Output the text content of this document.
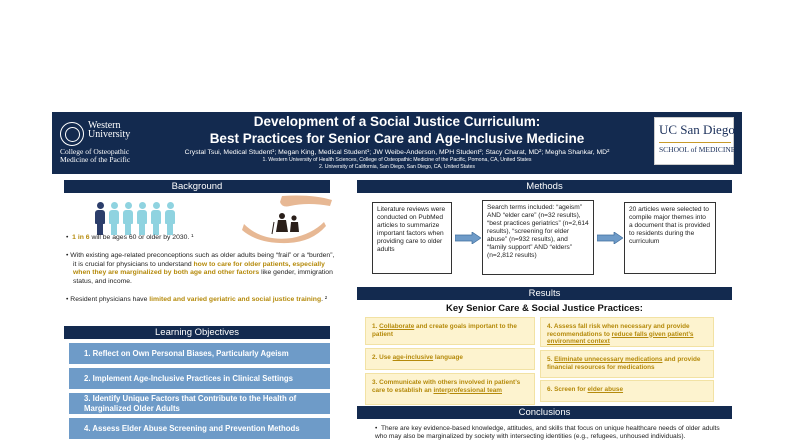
Western
University
College of Osteopathic
Medicine of the Pacific
Development of a Social Justice Curriculum:
Best Practices for Senior Care and Age-Inclusive Medicine
Crystal Tsui, Medical Student¹; Megan King, Medical Student¹; JW Weibe-Anderson, MPH Student²; Stacy Charat, MD²; Megha Shankar, MD²
1. Western University of Health Sciences, College of Osteopathic Medicine of the Pacific, Pomona, CA, United States
2. University of California, San Diego, San Diego, CA, United States
UC San Diego
SCHOOL of MEDICINE
Background
•  1 in 6 will be ages 60 or older by 2030. ¹
• With existing age-related preconceptions such as older adults being “frail” or a “burden”, it is crucial for physicians to understand how to care for older patients, especially when they are marginalized by both age and other factors like gender, immigration status, and income.
• Resident physicians have limited and varied geriatric and social justice training. ²
Learning Objectives
1. Reflect on Own Personal Biases, Particularly Ageism
2. Implement Age-Inclusive Practices in Clinical Settings
3. Identify Unique Factors that Contribute to the Health of
Marginalized Older Adults
4. Assess Elder Abuse Screening and Prevention Methods
Methods
Literature reviews were conducted on PubMed articles to summarize important factors when providing care to older adults
Search terms included: “ageism” AND “elder care” (n=32 results), “best practices geriatrics” (n=2,614 results), “screening for elder abuse” (n=932 results), and “family support” AND “elders” (n=2,812 results)
20 articles were selected to compile major themes into a document that is provided to residents during the curriculum
Results
Key Senior Care & Social Justice Practices:
1. Collaborate and create goals important to the patient
2. Use age-inclusive language
3. Communicate with others involved in patient’s care to establish an interprofessional team
4. Assess fall risk when necessary and provide recommendations to reduce falls given patient’s environment context
5. Eliminate unnecessary medications and provide financial resources for medications
6. Screen for elder abuse
Conclusions
•  There are key evidence-based knowledge, attitudes, and skills that focus on unique healthcare needs of older adults who may also be marginalized by society with intersecting identities (e.g., refugees, unhoused individuals).
